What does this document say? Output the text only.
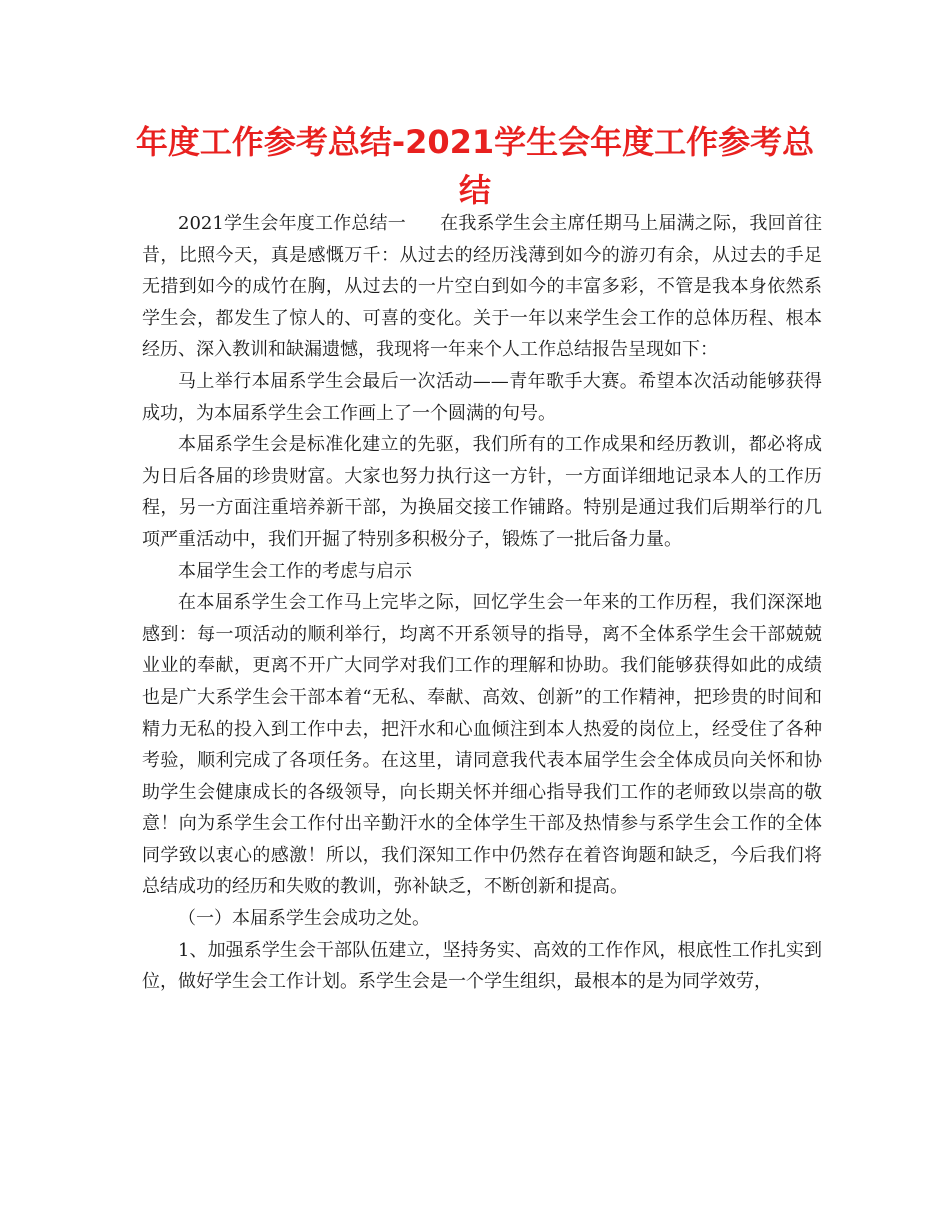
年度工作参考总结-2021学生会年度工作参考总结

2021学生会年度工作总结一 在我系学生会主席任期马上届满之际，我回首往昔，比照今天，真是感慨万千：从过去的经历浅薄到如今的游刃有余，从过去的手足无措到如今的成竹在胸，从过去的一片空白到如今的丰富多彩，不管是我本身依然系学生会，都发生了惊人的、可喜的变化。关于一年以来学生会工作的总体历程、根本经历、深入教训和缺漏遗憾，我现将一年来个人工作总结报告呈现如下：

马上举行本届系学生会最后一次活动——青年歌手大赛。希望本次活动能够获得成功，为本届系学生会工作画上了一个圆满的句号。

本届系学生会是标准化建立的先驱，我们所有的工作成果和经历教训，都必将成为日后各届的珍贵财富。大家也努力执行这一方针，一方面详细地记录本人的工作历程，另一方面注重培养新干部，为换届交接工作铺路。特别是通过我们后期举行的几项严重活动中，我们开掘了特别多积极分子，锻炼了一批后备力量。

本届学生会工作的考虑与启示

在本届系学生会工作马上完毕之际，回忆学生会一年来的工作历程，我们深深地感到：每一项活动的顺利举行，均离不开系领导的指导，离不全体系学生会干部兢兢业业的奉献，更离不开广大同学对我们工作的理解和协助。我们能够获得如此的成绩也是广大系学生会干部本着“无私、奉献、高效、创新”的工作精神，把珍贵的时间和精力无私的投入到工作中去，把汗水和心血倾注到本人热爱的岗位上，经受住了各种考验，顺利完成了各项任务。在这里，请同意我代表本届学生会全体成员向关怀和协助学生会健康成长的各级领导，向长期关怀并细心指导我们工作的老师致以崇高的敬意！向为系学生会工作付出辛勤汗水的全体学生干部及热情参与系学生会工作的全体同学致以衷心的感激！所以，我们深知工作中仍然存在着咨询题和缺乏，今后我们将总结成功的经历和失败的教训，弥补缺乏，不断创新和提高。

（一）本届系学生会成功之处。

1、加强系学生会干部队伍建立，坚持务实、高效的工作作风，根底性工作扎实到位，做好学生会工作计划。系学生会是一个学生组织，最根本的是为同学效劳，
